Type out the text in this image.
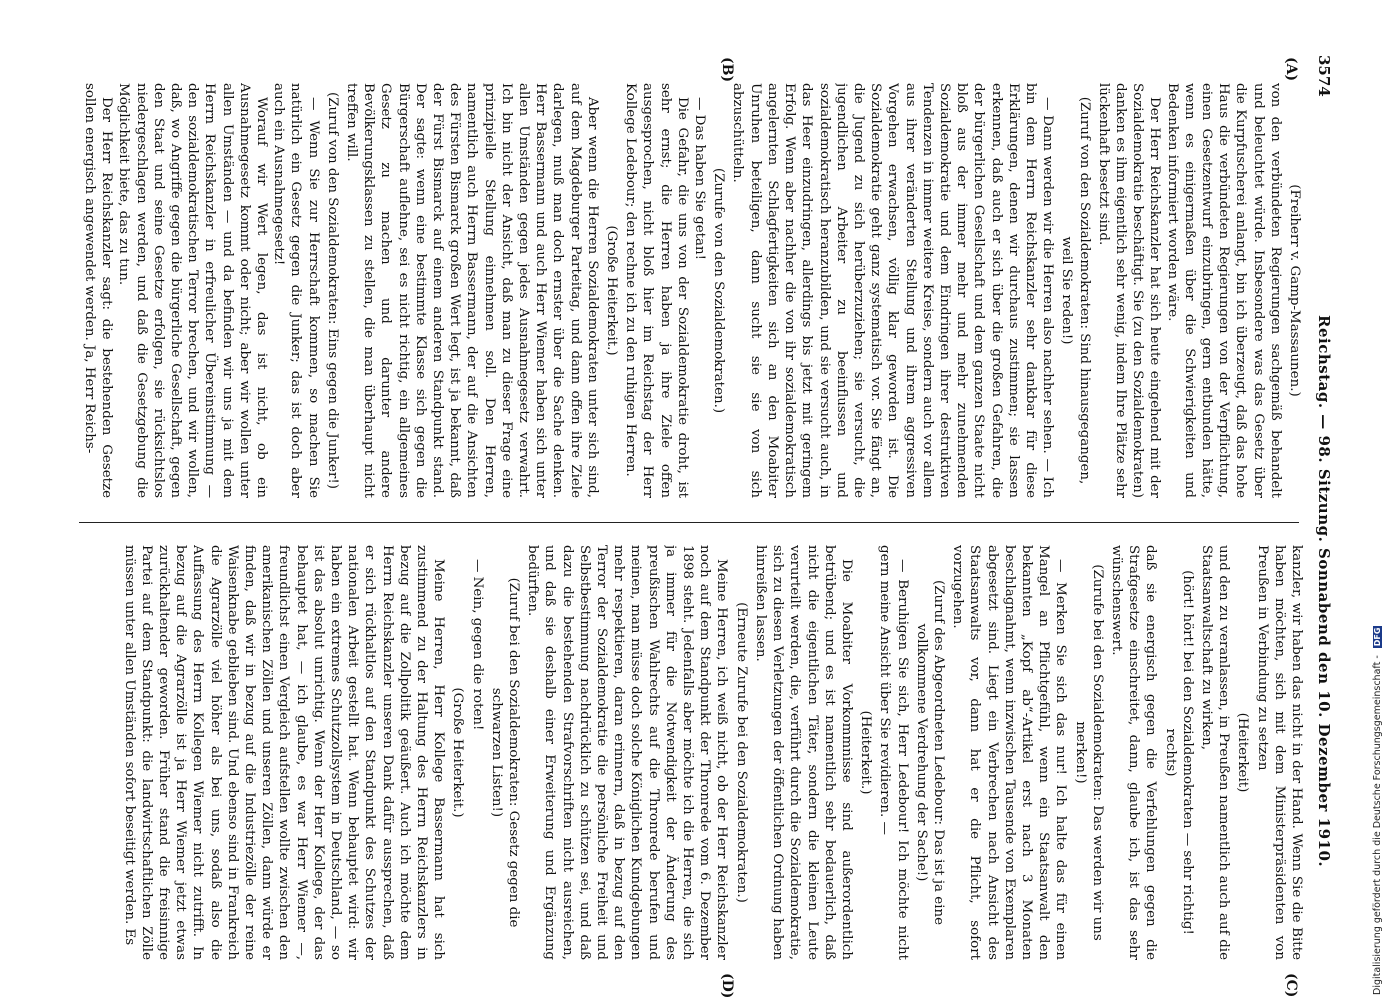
3574
Reichstag. — 98. Sitzung. Sonnabend den 10. Dezember 1910.
(A)
(B)
(C)
(D)

(Freiherr v. Gamp-Massaunen.)

von den verbündeten Regierungen sachgemäß behandelt und beleuchtet würde. Insbesondere was das Gesetz über die Kurpfuscherei anlangt, bin ich überzeugt, daß das hohe Haus die verbündeten Regierungen von der Verpflichtung, einen Gesetzentwurf einzubringen, gern entbunden hätte, wenn es einigermaßen über die Schwierigkeiten und Bedenken informiert worden wäre.

Der Herr Reichskanzler hat sich heute eingehend mit der Sozialdemokratie beschäftigt. Sie (zu den Sozialdemokraten) danken es ihm eigentlich sehr wenig, indem Ihre Plätze sehr lückenhaft besetzt sind.

(Zuruf von den Sozialdemokraten: Sind hinausgegangen, weil Sie reden!)

— Dann werden wir die Herren also nachher sehen. — Ich bin dem Herrn Reichskanzler sehr dankbar für diese Erklärungen, denen wir durchaus zustimmen; sie lassen erkennen, daß auch er sich über die großen Gefahren, die der bürgerlichen Gesellschaft und dem ganzen Staate nicht bloß aus der immer mehr und mehr zunehmenden Sozialdemokratie und dem Eindringen ihrer destruktiven Tendenzen in immer weitere Kreise, sondern auch vor allem aus ihrer veränderten Stellung und ihrem aggressiven Vorgehen erwachsen, völlig klar geworden ist. Die Sozialdemokratie geht ganz systematisch vor. Sie fängt an, die Jugend zu sich herüberzuziehen; sie versucht, die jugendlichen Arbeiter zu beeinflussen und sozialdemokratisch heranzubilden, und sie versucht auch, in das Heer einzudringen, allerdings bis jetzt mit geringem Erfolg. Wenn aber nachher die von ihr sozialdemokratisch angelernten Schlagfertigkeiten sich an den Moabiter Unruhen beteiligen, dann sucht sie sie von sich abzuschütteln.

(Zurufe von den Sozialdemokraten.)

— Das haben Sie getan!

Die Gefahr, die uns von der Sozialdemokratie droht, ist sehr ernst; die Herren haben ja ihre Ziele offen ausgesprochen, nicht bloß hier im Reichstag der Herr Kollege Ledebour; den rechne ich zu den ruhigen Herren.

(Große Heiterkeit.)

Aber wenn die Herren Sozialdemokraten unter sich sind, auf dem Magdeburger Parteitag, und dann offen ihre Ziele darlegen, muß man doch ernster über die Sache denken. Herr Bassermann und auch Herr Wiemer haben sich unter allen Umständen gegen jedes Ausnahmegesetz verwahrt. Ich bin nicht der Ansicht, daß man zu dieser Frage eine prinzipielle Stellung einnehmen soll. Den Herren, namentlich auch Herrn Bassermann, der auf die Ansichten des Fürsten Bismarck großen Wert legt, ist ja bekannt, daß der Fürst Bismarck auf einem anderen Standpunkt stand. Der sagte: wenn eine bestimmte Klasse sich gegen die Bürgerschaft auflehne, sei es nicht richtig, ein allgemeines Gesetz zu machen und darunter andere Bevölkerungsklassen zu stellen, die man überhaupt nicht treffen will.

(Zuruf von den Sozialdemokraten: Eins gegen die Junker!)

— Wenn Sie zur Herrschaft kommen, so machen Sie natürlich ein Gesetz gegen die Junker; das ist doch aber auch ein Ausnahmegesetz!

Worauf wir Wert legen, das ist nicht, ob ein Ausnahmegesetz kommt oder nicht; aber wir wollen unter allen Umständen — und da befinden wir uns ja mit dem Herrn Reichskanzler in erfreulicher Übereinstimmung — den sozialdemokratischen Terror brechen, und wir wollen, daß, wo Angriffe gegen die bürgerliche Gesellschaft, gegen den Staat und seine Gesetze erfolgen, sie rücksichtslos niedergeschlagen werden, und daß die Gesetzgebung die Möglichkeit biete, das zu tun.

Der Herr Reichskanzler sagt: die bestehenden Gesetze sollen energisch angewendet werden. Ja, Herr Reichs-

kanzler, wir haben das nicht in der Hand. Wenn Sie die Bitte haben möchten, sich mit dem Ministerpräsidenten von Preußen in Verbindung zu setzen

(Heiterkeit)

und den zu veranlassen, in Preußen namentlich auch auf die Staatsanwaltschaft zu wirken,

(hört! hört! bei den Sozialdemokraten — sehr richtig! rechts)

daß sie energisch gegen die Verfehlungen gegen die Strafgesetze einschreitet, dann, glaube ich, ist das sehr wünschenswert.

(Zurufe bei den Sozialdemokraten: Das werden wir uns merken!)

— Merken Sie sich das nur! Ich halte das für einen Mangel an Pflichtgefühl, wenn ein Staatsanwalt den bekannten „Kopf ab“-Artikel erst nach 3 Monaten beschlagnahmt, wenn inzwischen Tausende von Exemplaren abgesetzt sind. Liegt ein Verbrechen nach Ansicht des Staatsanwalts vor, dann hat er die Pflicht, sofort vorzugehen.

(Zuruf des Abgeordneten Ledebour: Das ist ja eine vollkommene Verdrehung der Sache!)

— Beruhigen Sie sich, Herr Ledebour! Ich möchte nicht gern meine Ansicht über Sie revidieren. —

(Heiterkeit.)

Die Moabiter Vorkommnisse sind außerordentlich betrübend; und es ist namentlich sehr bedauerlich, daß nicht die eigentlichen Täter, sondern die kleinen Leute verurteilt werden, die, verführt durch die Sozialdemokratie, sich zu diesen Verletzungen der öffentlichen Ordnung haben hinreißen lassen.

(Erneute Zurufe bei den Sozialdemokraten.)

Meine Herren, ich weiß nicht, ob der Herr Reichskanzler noch auf dem Standpunkt der Thronrede vom 6. Dezember 1898 steht. Jedenfalls aber möchte ich die Herren, die sich ja immer für die Notwendigkeit der Änderung des preußischen Wahlrechts auf die Thronrede berufen und meinen, man müsse doch solche Königlichen Kundgebungen mehr respektieren, daran erinnern, daß in bezug auf den Terror der Sozialdemokratie die persönliche Freiheit und Selbstbestimmung nachdrücklich zu schützen sei, und daß dazu die bestehenden Strafvorschriften nicht ausreichen, und daß sie deshalb einer Erweiterung und Ergänzung bedürften.

(Zuruf bei den Sozialdemokraten: Gesetz gegen die schwarzen Listen!)

— Nein, gegen die roten!

(Große Heiterkeit.)

Meine Herren, Herr Kollege Bassermann hat sich zustimmend zu der Haltung des Herrn Reichskanzlers in bezug auf die Zollpolitik geäußert. Auch ich möchte dem Herrn Reichskanzler unseren Dank dafür aussprechen, daß er sich rückhaltlos auf den Standpunkt des Schutzes der nationalen Arbeit gestellt hat. Wenn behauptet wird: wir haben ein extremes Schutzzollsystem in Deutschland, — so ist das absolut unrichtig. Wenn der Herr Kollege, der das behauptet hat, — ich glaube, es war Herr Wiemer —, freundlichst einen Vergleich aufstellen wollte zwischen den amerikanischen Zöllen und unseren Zöllen, dann würde er finden, daß wir in bezug auf die Industriezölle der reine Waisenknabe geblieben sind. Und ebenso sind in Frankreich die Agrarzölle viel höher als bei uns, sodaß also die Auffassung des Herrn Kollegen Wiemer nicht zutrifft. In bezug auf die Agrarzölle ist ja Herr Wiemer jetzt etwas zurückhaltender geworden. Früher stand die freisinnige Partei auf dem Standpunkt: die landwirtschaftlichen Zölle müssen unter allen Umständen sofort beseitigt werden. Es	Digitalisierung gefördert durch die Deutsche Forschungsgemeinschaft - DFG
